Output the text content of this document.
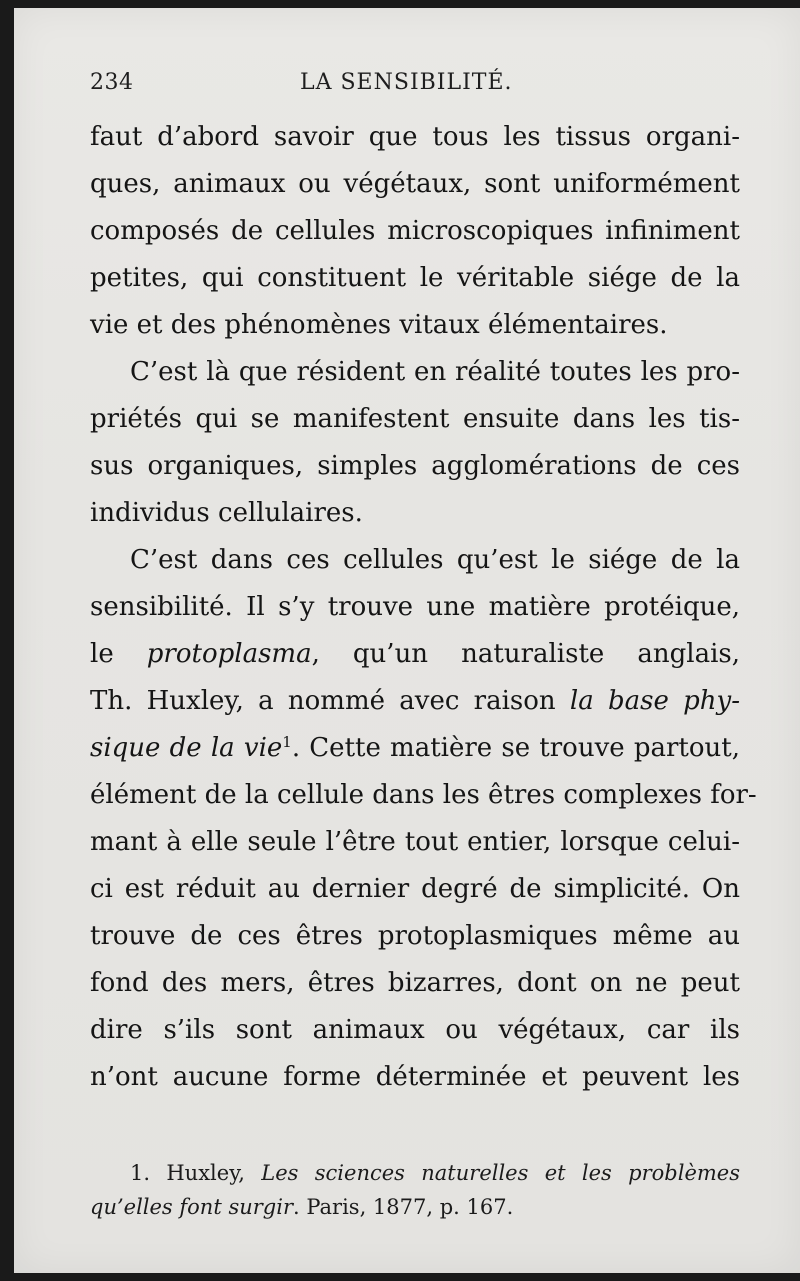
234	LA SENSIBILITÉ.
faut d’abord savoir que tous les tissus organi-
ques, animaux ou végétaux, sont uniformément
composés de cellules microscopiques infiniment
petites, qui constituent le véritable siége de la
vie et des phénomènes vitaux élémentaires.
C’est là que résident en réalité toutes les pro-
priétés qui se manifestent ensuite dans les tis-
sus organiques, simples agglomérations de ces
individus cellulaires.
C’est dans ces cellules qu’est le siége de la
sensibilité. Il s’y trouve une matière protéique,
le protoplasma, qu’un naturaliste anglais,
Th. Huxley, a nommé avec raison la base phy-
sique de la vie$^1$. Cette matière se trouve partout,
élément de la cellule dans les êtres complexes for-
mant à elle seule l’être tout entier, lorsque celui-
ci est réduit au dernier degré de simplicité. On
trouve de ces êtres protoplasmiques même au
fond des mers, êtres bizarres, dont on ne peut
dire s’ils sont animaux ou végétaux, car ils
n’ont aucune forme déterminée et peuvent les
1. Huxley, Les sciences naturelles et les problèmes
qu’elles font surgir. Paris, 1877, p. 167.
